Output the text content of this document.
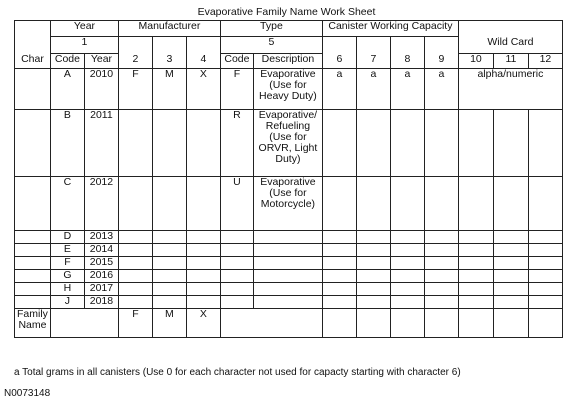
Evaporative Family Name Work Sheet
	Year		Manufacturer			Type		Canister Working Capacity						
	1					5						Wild Card		
Char	Code	Year	2	3	4	Code	Description	6	7	8	9	10	11	12
	A	2010	F	M	X	F	Evaporative (Use for Heavy Duty)	a	a	a	a	alpha/numeric		
	B	2011				R	Evaporative/ Refueling (Use for ORVR, Light Duty)							
	C	2012				U	Evaporative (Use for Motorcycle)							
	D	2013												
	E	2014												
	F	2015												
	G	2016												
	H	2017												
	J	2018												
Family Name			F	M	X									
a Total grams in all canisters (Use 0 for each character not used for capacty starting with character 6)
N0073148
